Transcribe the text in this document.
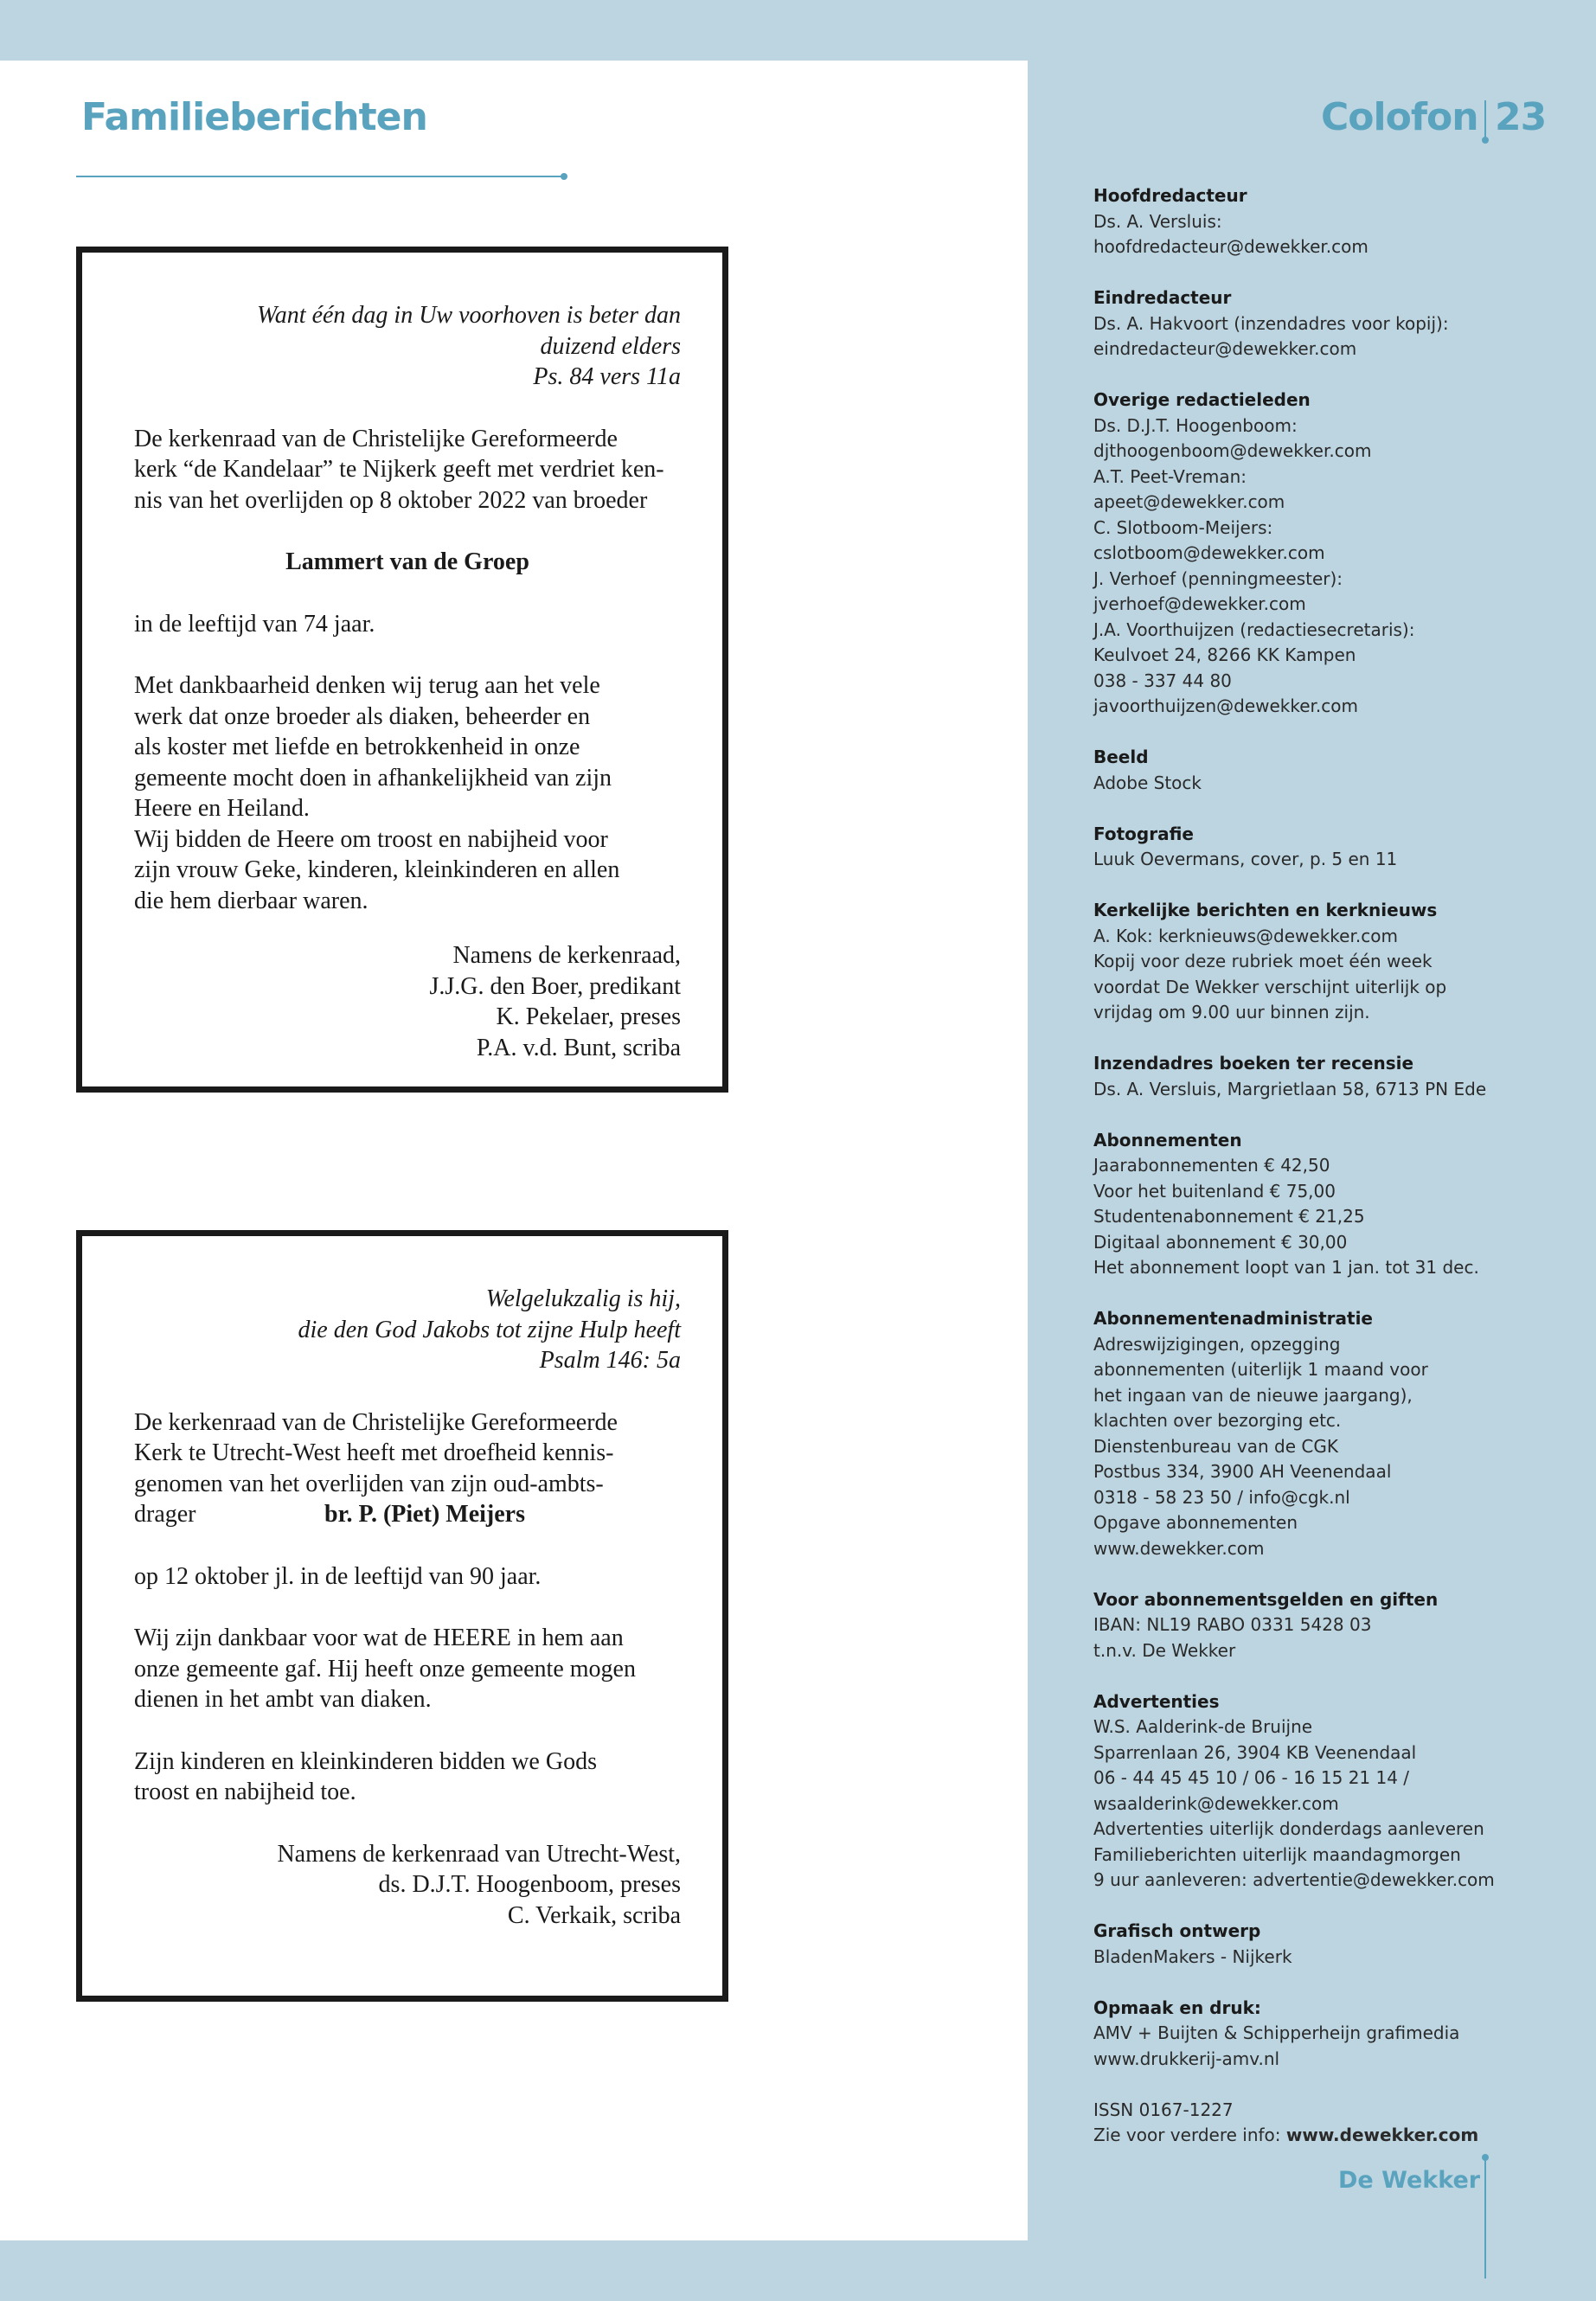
Familieberichten
Want één dag in Uw voorhoven is beter dan
duizend elders
Ps. 84 vers 11a
De kerkenraad van de Christelijke Gereformeerde
kerk “de Kandelaar” te Nijkerk geeft met verdriet ken-
nis van het overlijden op 8 oktober 2022 van broeder
Lammert van de Groep
in de leeftijd van 74 jaar.
Met dankbaarheid denken wij terug aan het vele
werk dat onze broeder als diaken, beheerder en
als koster met liefde en betrokkenheid in onze
gemeente mocht doen in afhankelijkheid van zijn
Heere en Heiland.
Wij bidden de Heere om troost en nabijheid voor
zijn vrouw Geke, kinderen, kleinkinderen en allen
die hem dierbaar waren.
Namens de kerkenraad,
J.J.G. den Boer, predikant
K. Pekelaer, preses
P.A. v.d. Bunt, scriba
Welgelukzalig is hij,
die den God Jakobs tot zijne Hulp heeft
Psalm 146: 5a
De kerkenraad van de Christelijke Gereformeerde
Kerk te Utrecht-West heeft met droefheid kennis-
genomen van het overlijden van zijn oud-ambts-
drager	br. P. (Piet) Meijers
op 12 oktober jl. in de leeftijd van 90 jaar.
Wij zijn dankbaar voor wat de HEERE in hem aan
onze gemeente gaf. Hij heeft onze gemeente mogen
dienen in het ambt van diaken.
Zijn kinderen en kleinkinderen bidden we Gods
troost en nabijheid toe.
Namens de kerkenraad van Utrecht-West,
ds. D.J.T. Hoogenboom, preses
C. Verkaik, scriba
Colofon 23
Hoofdredacteur
Ds. A. Versluis:
hoofdredacteur@dewekker.com
Eindredacteur
Ds. A. Hakvoort (inzendadres voor kopij):
eindredacteur@dewekker.com
Overige redactieleden
Ds. D.J.T. Hoogenboom:
djthoogenboom@dewekker.com
A.T. Peet-Vreman:
apeet@dewekker.com
C. Slotboom-Meijers:
cslotboom@dewekker.com
J. Verhoef (penningmeester):
jverhoef@dewekker.com
J.A. Voorthuijzen (redactiesecretaris):
Keulvoet 24, 8266 KK Kampen
038 - 337 44 80
javoorthuijzen@dewekker.com
Beeld
Adobe Stock
Fotografie
Luuk Oevermans, cover, p. 5 en 11
Kerkelijke berichten en kerknieuws
A. Kok: kerknieuws@dewekker.com
Kopij voor deze rubriek moet één week
voordat De Wekker verschijnt uiterlijk op
vrijdag om 9.00 uur binnen zijn.
Inzendadres boeken ter recensie
Ds. A. Versluis, Margrietlaan 58, 6713 PN Ede
Abonnementen
Jaarabonnementen € 42,50
Voor het buitenland € 75,00
Studentenabonnement € 21,25
Digitaal abonnement € 30,00
Het abonnement loopt van 1 jan. tot 31 dec.
Abonnementenadministratie
Adreswijzigingen, opzegging
abonnementen (uiterlijk 1 maand voor
het ingaan van de nieuwe jaargang),
klachten over bezorging etc.
Dienstenbureau van de CGK
Postbus 334, 3900 AH Veenendaal
0318 - 58 23 50 / info@cgk.nl
Opgave abonnementen
www.dewekker.com
Voor abonnementsgelden en giften
IBAN: NL19 RABO 0331 5428 03
t.n.v. De Wekker
Advertenties
W.S. Aalderink-de Bruijne
Sparrenlaan 26, 3904 KB Veenendaal
06 - 44 45 45 10 / 06 - 16 15 21 14 /
wsaalderink@dewekker.com
Advertenties uiterlijk donderdags aanleveren
Familieberichten uiterlijk maandagmorgen
9 uur aanleveren: advertentie@dewekker.com
Grafisch ontwerp
BladenMakers - Nijkerk
Opmaak en druk:
AMV + Buijten & Schipperheijn grafimedia
www.drukkerij-amv.nl
ISSN 0167-1227
Zie voor verdere info: www.dewekker.com
De Wekker
